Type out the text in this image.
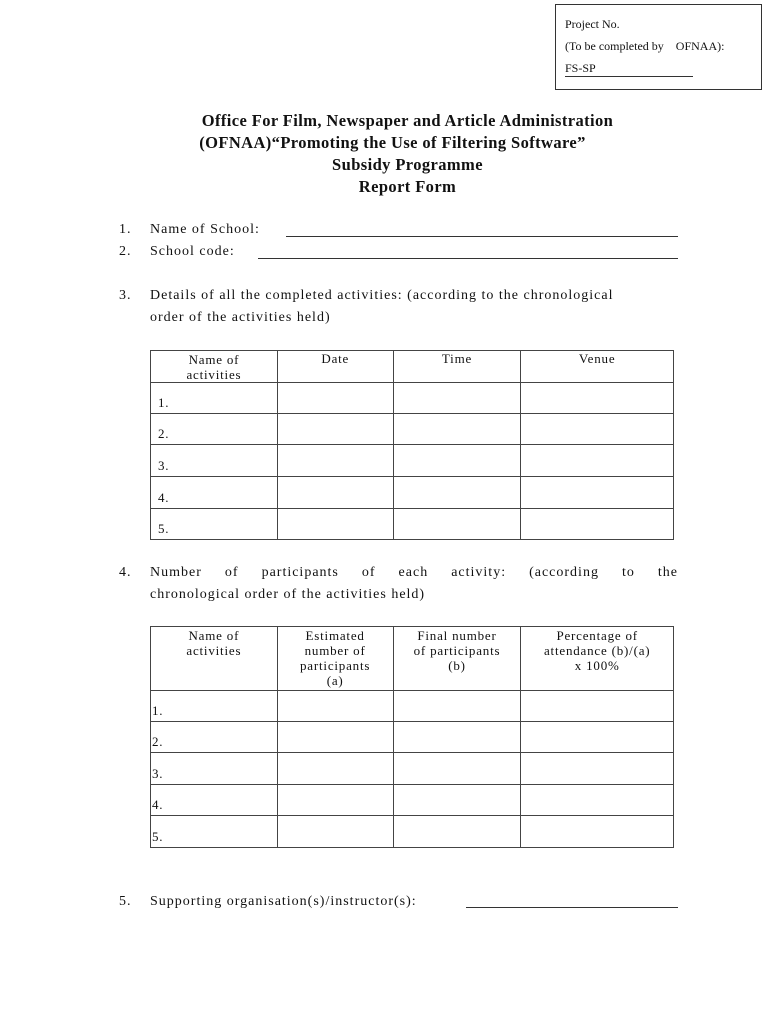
Project No.
(To be completed by    OFNAA):
FS-SP
Office For Film, Newspaper and Article Administration
(OFNAA)“Promoting the Use of Filtering Software”
Subsidy Programme
Report Form
1. Name of School:
2. School code:
3. Details of all the completed activities: (according to the chronological
order of the activities held)
Name of activities	Date	Time	Venue
1.			
2.			
3.			
4.			
5.			
4. Number of participants of each activity: (according to the
chronological order of the activities held)
Name of activities	Estimated number of participants (a)	Final number of participants (b)	Percentage of attendance (b)/(a) x 100%
1.			
2.			
3.			
4.			
5.			
5. Supporting organisation(s)/instructor(s):
